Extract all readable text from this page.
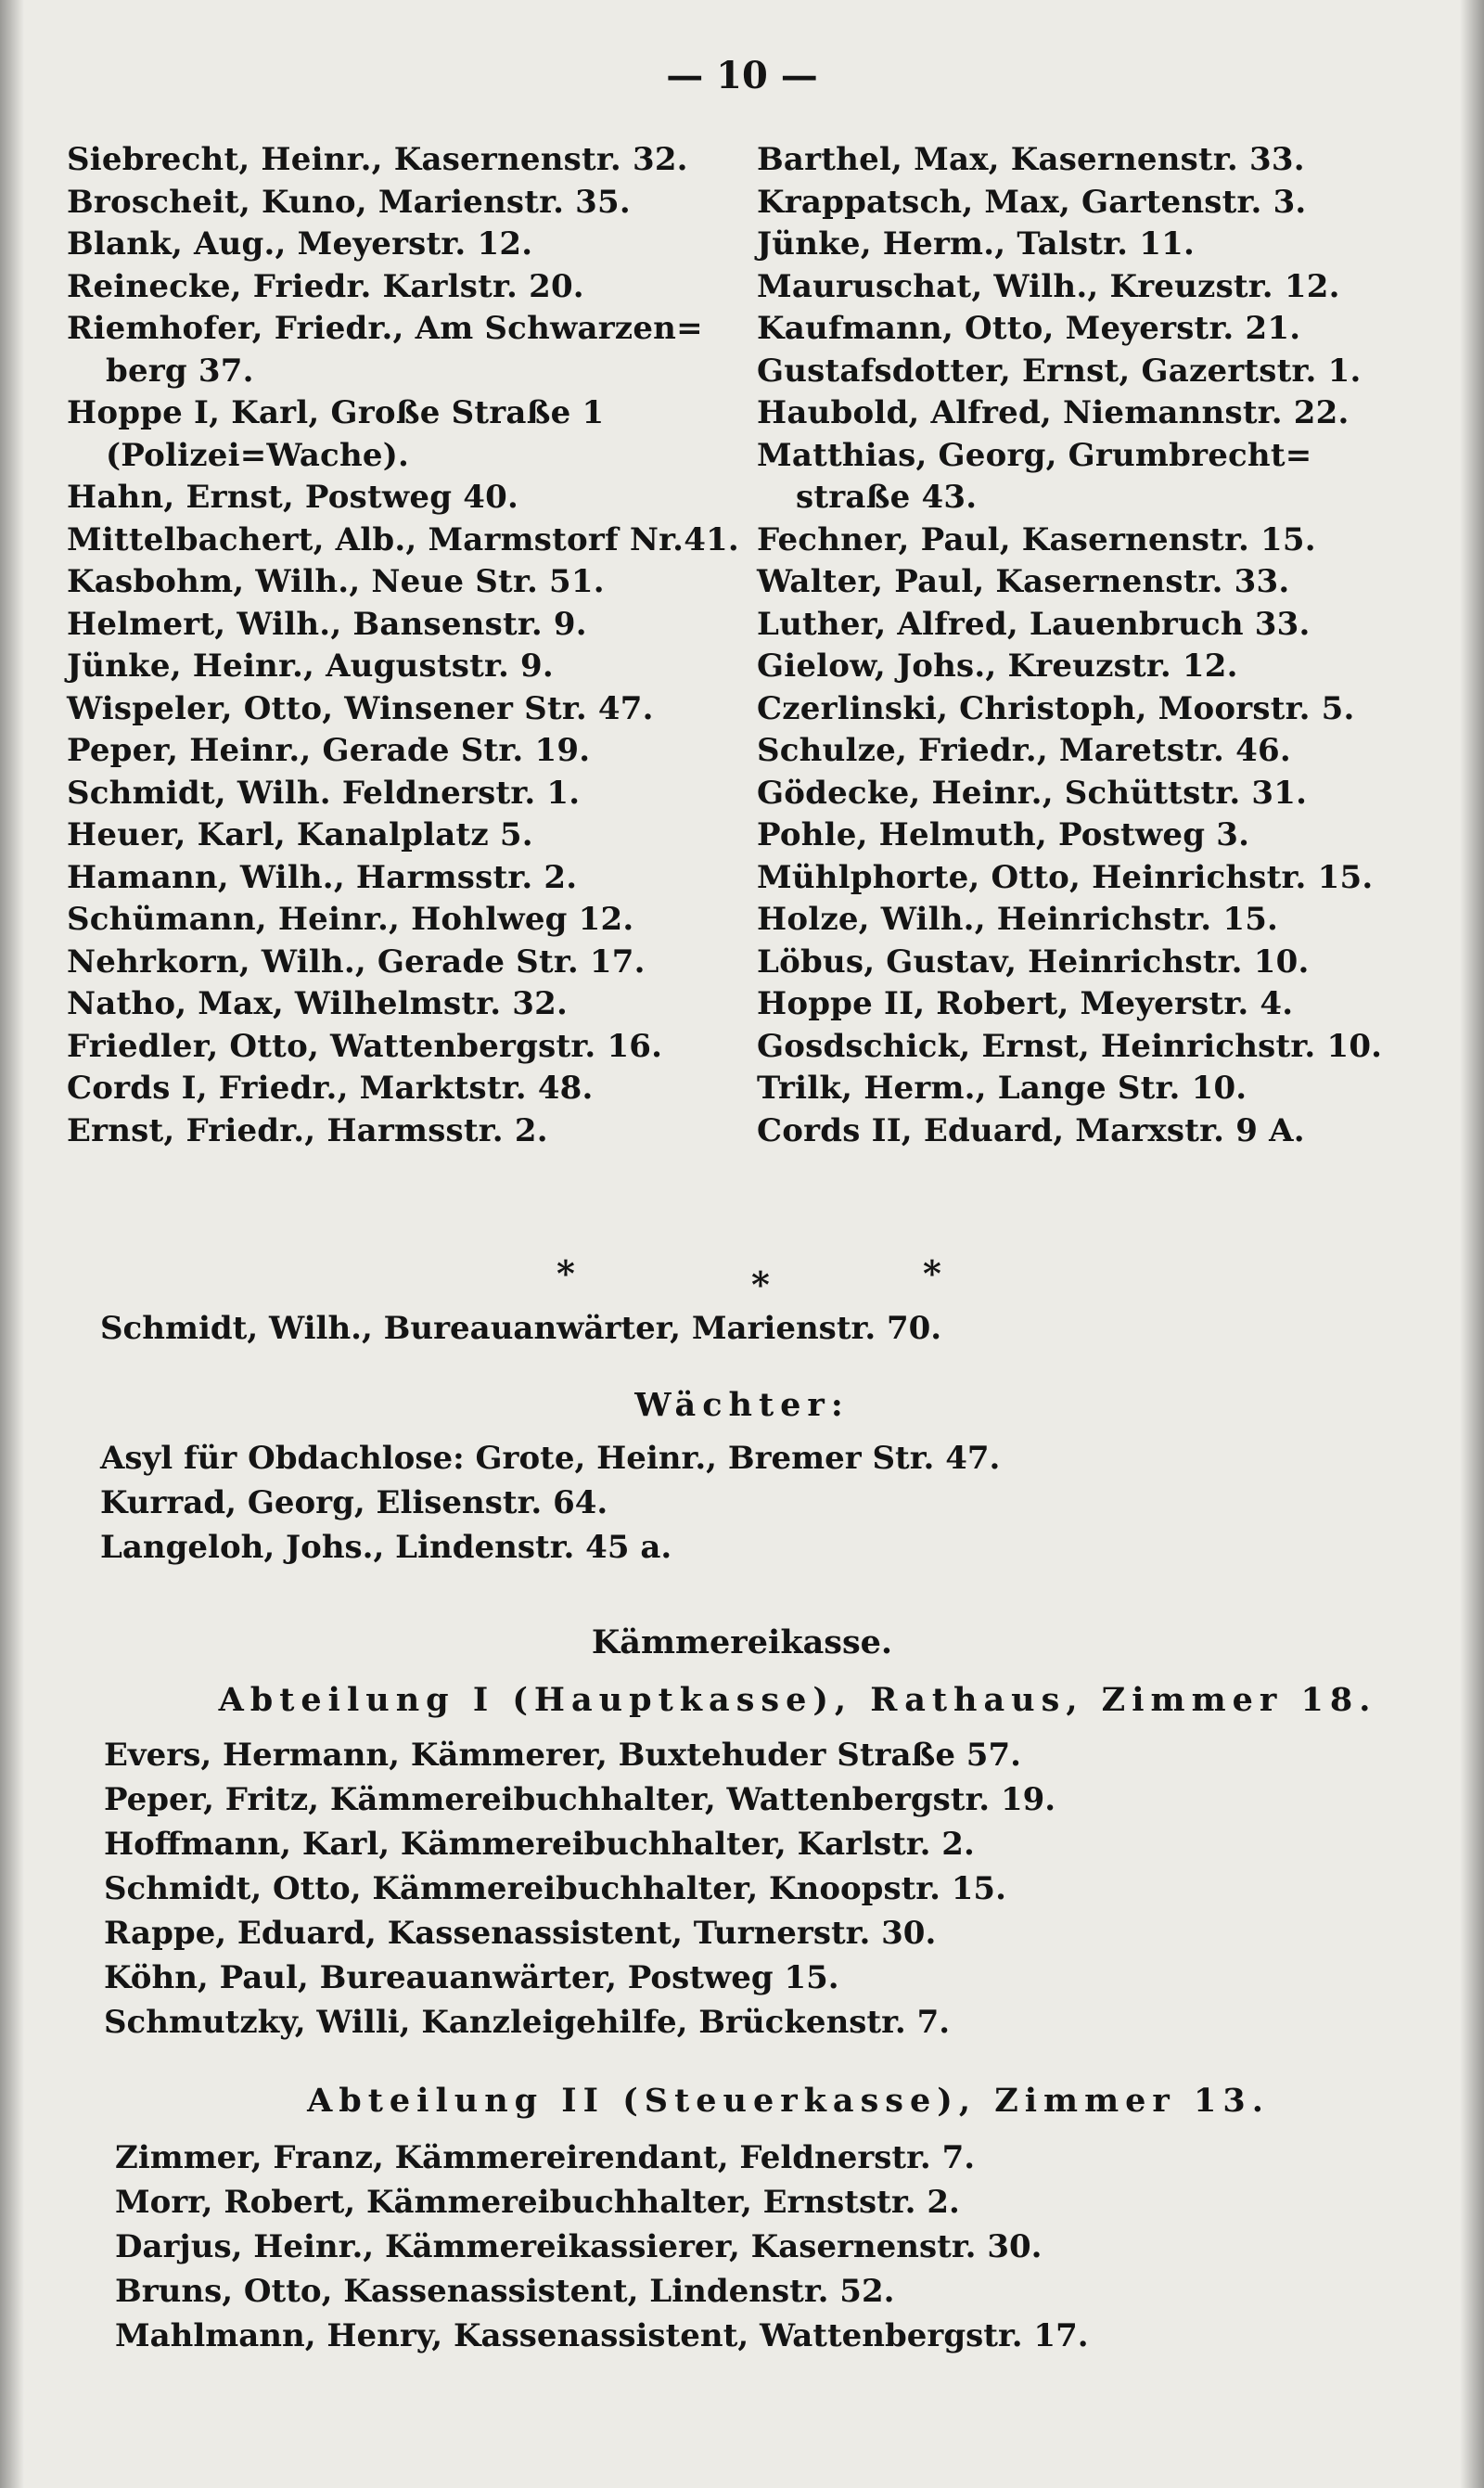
— 10 —
Siebrecht, Heinr., Kasernenstr. 32.
Broscheit, Kuno, Marienstr. 35.
Blank, Aug., Meyerstr. 12.
Reinecke, Friedr. Karlstr. 20.
Riemhofer, Friedr., Am Schwarzen=
berg 37.
Hoppe I, Karl, Große Straße 1
(Polizei=Wache).
Hahn, Ernst, Postweg 40.
Mittelbachert, Alb., Marmstorf Nr.41.
Kasbohm, Wilh., Neue Str. 51.
Helmert, Wilh., Bansenstr. 9.
Jünke, Heinr., Auguststr. 9.
Wispeler, Otto, Winsener Str. 47.
Peper, Heinr., Gerade Str. 19.
Schmidt, Wilh. Feldnerstr. 1.
Heuer, Karl, Kanalplatz 5.
Hamann, Wilh., Harmsstr. 2.
Schümann, Heinr., Hohlweg 12.
Nehrkorn, Wilh., Gerade Str. 17.
Natho, Max, Wilhelmstr. 32.
Friedler, Otto, Wattenbergstr. 16.
Cords I, Friedr., Marktstr. 48.
Ernst, Friedr., Harmsstr. 2.
Barthel, Max, Kasernenstr. 33.
Krappatsch, Max, Gartenstr. 3.
Jünke, Herm., Talstr. 11.
Mauruschat, Wilh., Kreuzstr. 12.
Kaufmann, Otto, Meyerstr. 21.
Gustafsdotter, Ernst, Gazertstr. 1.
Haubold, Alfred, Niemannstr. 22.
Matthias, Georg, Grumbrecht=
straße 43.
Fechner, Paul, Kasernenstr. 15.
Walter, Paul, Kasernenstr. 33.
Luther, Alfred, Lauenbruch 33.
Gielow, Johs., Kreuzstr. 12.
Czerlinski, Christoph, Moorstr. 5.
Schulze, Friedr., Maretstr. 46.
Gödecke, Heinr., Schüttstr. 31.
Pohle, Helmuth, Postweg 3.
Mühlphorte, Otto, Heinrichstr. 15.
Holze, Wilh., Heinrichstr. 15.
Löbus, Gustav, Heinrichstr. 10.
Hoppe II, Robert, Meyerstr. 4.
Gosdschick, Ernst, Heinrichstr. 10.
Trilk, Herm., Lange Str. 10.
Cords II, Eduard, Marxstr. 9 A.
*	*	*
Schmidt, Wilh., Bureauanwärter, Marienstr. 70.
Wächter:
Asyl für Obdachlose: Grote, Heinr., Bremer Str. 47.
Kurrad, Georg, Elisenstr. 64.
Langeloh, Johs., Lindenstr. 45 a.
Kämmereikasse.
Abteilung I (Hauptkasse), Rathaus, Zimmer 18.
Evers, Hermann, Kämmerer, Buxtehuder Straße 57.
Peper, Fritz, Kämmereibuchhalter, Wattenbergstr. 19.
Hoffmann, Karl, Kämmereibuchhalter, Karlstr. 2.
Schmidt, Otto, Kämmereibuchhalter, Knoopstr. 15.
Rappe, Eduard, Kassenassistent, Turnerstr. 30.
Köhn, Paul, Bureauanwärter, Postweg 15.
Schmutzky, Willi, Kanzleigehilfe, Brückenstr. 7.
Abteilung II (Steuerkasse), Zimmer 13.
Zimmer, Franz, Kämmereirendant, Feldnerstr. 7.
Morr, Robert, Kämmereibuchhalter, Ernststr. 2.
Darjus, Heinr., Kämmereikassierer, Kasernenstr. 30.
Bruns, Otto, Kassenassistent, Lindenstr. 52.
Mahlmann, Henry, Kassenassistent, Wattenbergstr. 17.
